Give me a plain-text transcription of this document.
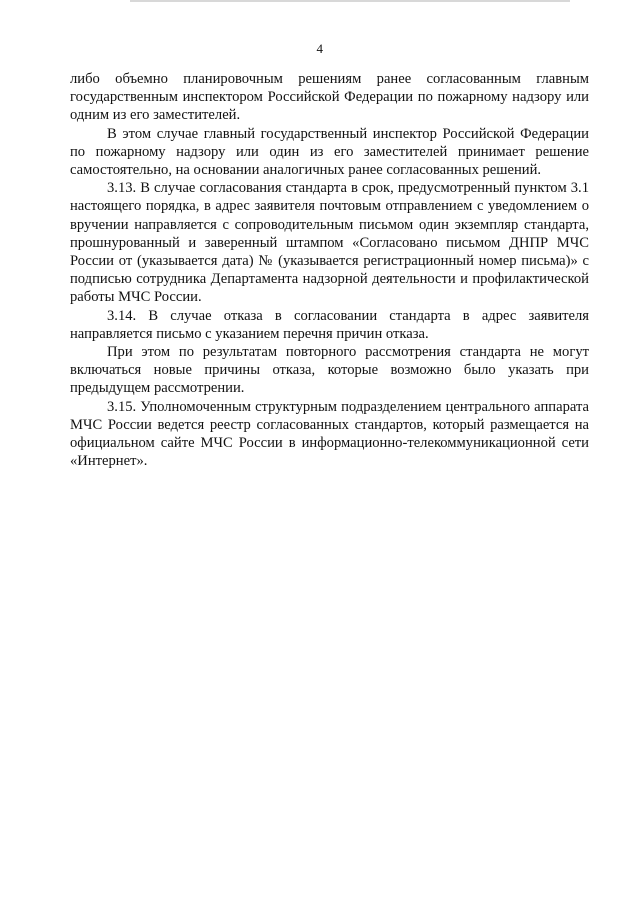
4

либо объемно планировочным решениям ранее согласованным главным государственным инспектором Российской Федерации по пожарному надзору или одним из его заместителей.

В этом случае главный государственный инспектор Российской Федерации по пожарному надзору или один из его заместителей принимает решение самостоятельно, на основании аналогичных ранее согласованных решений.

3.13. В случае согласования стандарта в срок, предусмотренный пунктом 3.1 настоящего порядка, в адрес заявителя почтовым отправлением с уведомлением о вручении направляется с сопроводительным письмом один экземпляр стандарта, прошнурованный и заверенный штампом «Согласовано письмом ДНПР МЧС России от (указывается дата) № (указывается регистрационный номер письма)» с подписью сотрудника Департамента надзорной деятельности и профилактической работы МЧС России.

3.14. В случае отказа в согласовании стандарта в адрес заявителя направляется письмо с указанием перечня причин отказа.

При этом по результатам повторного рассмотрения стандарта не могут включаться новые причины отказа, которые возможно было указать при предыдущем рассмотрении.

3.15. Уполномоченным структурным подразделением центрального аппарата МЧС России ведется реестр согласованных стандартов, который размещается на официальном сайте МЧС России в информационно-телекоммуникационной сети «Интернет».
